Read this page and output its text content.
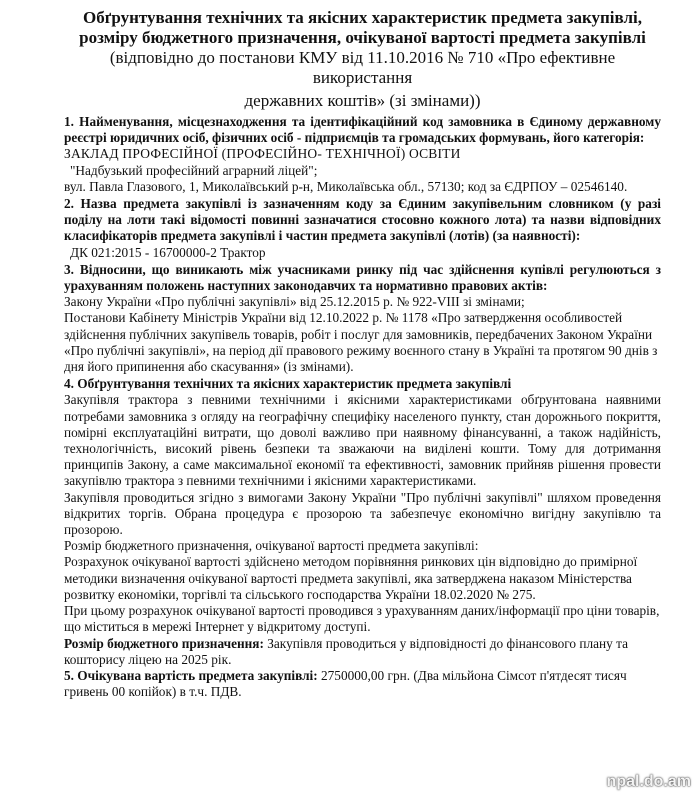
Обґрунтування технічних та якісних характеристик предмета закупівлі,
розміру бюджетного призначення, очікуваної вартості предмета закупівлі
(відповідно до постанови КМУ від 11.10.2016 № 710 «Про ефективне використання
державних коштів» (зі змінами))
1. Найменування, місцезнаходження та ідентифікаційний код замовника в Єдиному державному реєстрі юридичних осіб, фізичних осіб - підприємців та громадських формувань, його категорія:
ЗАКЛАД ПРОФЕСІЙНОЇ (ПРОФЕСІЙНО- ТЕХНІЧНОЇ) ОСВІТИ
"Надбузький професійний аграрний ліцей";
вул. Павла Глазового, 1, Миколаївський р-н, Миколаївська обл., 57130; код за ЄДРПОУ – 02546140.
2. Назва предмета закупівлі із зазначенням коду за Єдиним закупівельним словником (у разі поділу на лоти такі відомості повинні зазначатися стосовно кожного лота) та назви відповідних класифікаторів предмета закупівлі і частин предмета закупівлі (лотів) (за наявності):
ДК 021:2015 - 16700000-2 Трактор
3. Відносини, що виникають між учасниками ринку під час здійснення купівлі регулюються з урахуванням положень наступних законодавчих та нормативно правових актів:
Закону України «Про публічні закупівлі» від 25.12.2015 р. № 922-VIII зі змінами;
Постанови Кабінету Міністрів України від 12.10.2022 р. № 1178 «Про затвердження особливостей здійснення публічних закупівель товарів, робіт і послуг для замовників, передбачених Законом України «Про публічні закупівлі», на період дії правового режиму воєнного стану в Україні та протягом 90 днів з дня його припинення або скасування» (із змінами).
4. Обґрунтування технічних та якісних характеристик предмета закупівлі
Закупівля трактора з певними технічними і якісними характеристиками обґрунтована наявними потребами замовника з огляду на географічну специфіку населеного пункту, стан дорожнього покриття, помірні експлуатаційні витрати, що доволі важливо при наявному фінансуванні, а також надійність, технологічність, високий рівень безпеки та зважаючи на виділені кошти. Тому для дотримання принципів Закону, а саме максимальної економії та ефективності, замовник прийняв рішення провести закупівлю трактора з певними технічними і якісними характеристиками.
Закупівля проводиться згідно з вимогами Закону України "Про публічні закупівлі" шляхом проведення відкритих торгів. Обрана процедура є прозорою та забезпечує економічно вигідну закупівлю та прозорою.
Розмір бюджетного призначення, очікуваної вартості предмета закупівлі:
Розрахунок очікуваної вартості здійснено методом порівняння ринкових цін відповідно до примірної методики визначення очікуваної вартості предмета закупівлі, яка затверджена наказом Міністерства розвитку економіки, торгівлі та сільського господарства України 18.02.2020 № 275.
При цьому розрахунок очікуваної вартості проводився з урахуванням даних/інформації про ціни товарів, що міститься в мережі Інтернет у відкритому доступі.
Розмір бюджетного призначення: Закупівля проводиться у відповідності до фінансового плану та кошторису ліцею на 2025 рік.
5. Очікувана вартість предмета закупівлі: 2750000,00 грн. (Два мільйона Сімсот п'ятдесят тисяч гривень 00 копійок) в т.ч. ПДВ.
npal.do.am
